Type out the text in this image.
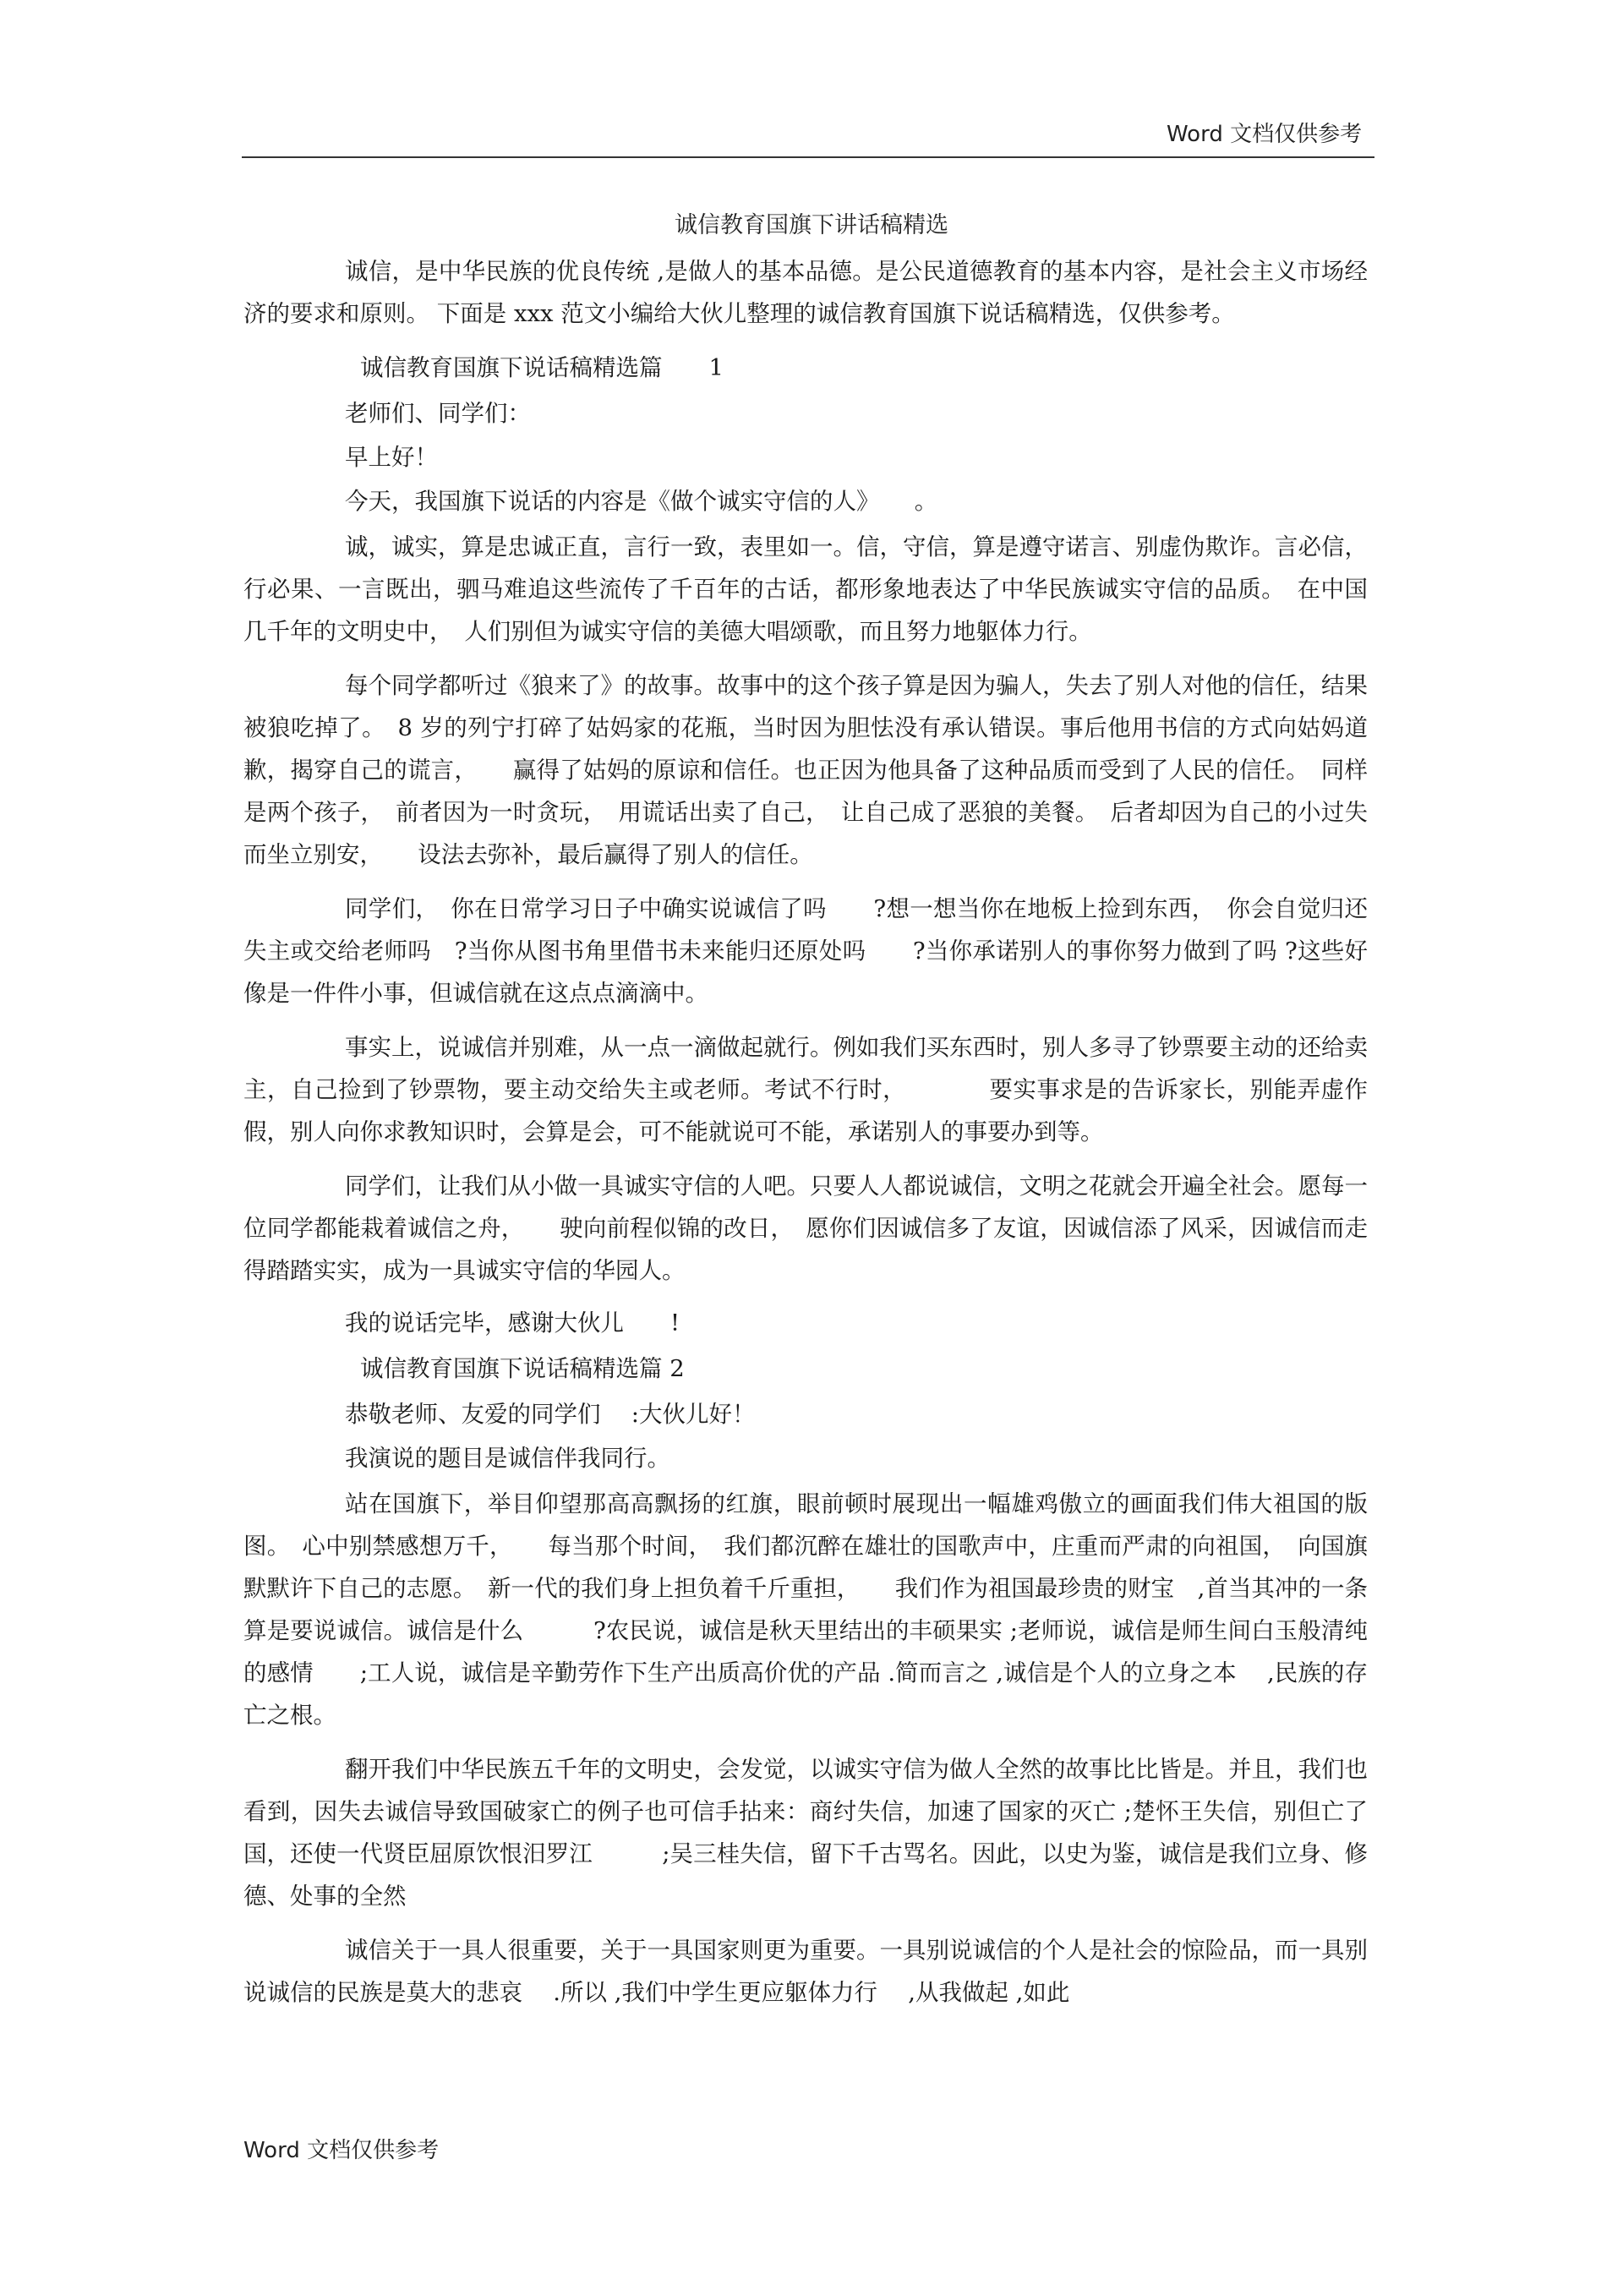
Word 文档仅供参考
诚信教育国旗下讲话稿精选

诚信，是中华民族的优良传统 ,是做人的基本品德。是公民道德教育的基本内容，是社会主义市场经济的要求和原则。 下面是 xxx 范文小编给大伙儿整理的诚信教育国旗下说话稿精选，仅供参考。

诚信教育国旗下说话稿精选篇　　1

老师们、同学们：

早上好！

今天，我国旗下说话的内容是《做个诚实守信的人》　　。

诚，诚实，算是忠诚正直，言行一致，表里如一。信，守信，算是遵守诺言、别虚伪欺诈。言必信，行必果、一言既出，驷马难追这些流传了千百年的古话，都形象地表达了中华民族诚实守信的品质。　在中国几千年的文明史中，　人们别但为诚实守信的美德大唱颂歌，而且努力地躯体力行。

每个同学都听过《狼来了》的故事。故事中的这个孩子算是因为骗人，失去了别人对他的信任，结果被狼吃掉了。　8 岁的列宁打碎了姑妈家的花瓶，当时因为胆怯没有承认错误。事后他用书信的方式向姑妈道歉，揭穿自己的谎言，　　赢得了姑妈的原谅和信任。也正因为他具备了这种品质而受到了人民的信任。　同样是两个孩子，　前者因为一时贪玩，　用谎话出卖了自己，　让自己成了恶狼的美餐。　后者却因为自己的小过失而坐立别安，　　设法去弥补，最后赢得了别人的信任。

同学们，　你在日常学习日子中确实说诚信了吗　　?想一想当你在地板上捡到东西，　你会自觉归还失主或交给老师吗　?当你从图书角里借书未来能归还原处吗　　?当你承诺别人的事你努力做到了吗 ?这些好像是一件件小事，但诚信就在这点点滴滴中。

事实上，说诚信并别难，从一点一滴做起就行。例如我们买东西时，别人多寻了钞票要主动的还给卖主，自己捡到了钞票物，要主动交给失主或老师。考试不行时，　　　　要实事求是的告诉家长，别能弄虚作假，别人向你求教知识时，会算是会，可不能就说可不能，承诺别人的事要办到等。

同学们，让我们从小做一具诚实守信的人吧。只要人人都说诚信，文明之花就会开遍全社会。愿每一位同学都能栽着诚信之舟，　　驶向前程似锦的改日，　愿你们因诚信多了友谊，因诚信添了风采，因诚信而走得踏踏实实，成为一具诚实守信的华园人。

我的说话完毕，感谢大伙儿　　!

诚信教育国旗下说话稿精选篇 2

恭敬老师、友爱的同学们　 :大伙儿好！

我演说的题目是诚信伴我同行。

站在国旗下，举目仰望那高高飘扬的红旗，眼前顿时展现出一幅雄鸡傲立的画面我们伟大祖国的版图。　心中别禁感想万千，　　每当那个时间，　我们都沉醉在雄壮的国歌声中，庄重而严肃的向祖国，　向国旗默默许下自己的志愿。　新一代的我们身上担负着千斤重担，　　我们作为祖国最珍贵的财宝　,首当其冲的一条算是要说诚信。诚信是什么　　　?农民说，诚信是秋天里结出的丰硕果实 ;老师说，诚信是师生间白玉般清纯的感情　　;工人说，诚信是辛勤劳作下生产出质高价优的产品 .简而言之 ,诚信是个人的立身之本　 ,民族的存亡之根。

翻开我们中华民族五千年的文明史，会发觉，以诚实守信为做人全然的故事比比皆是。并且，我们也看到，因失去诚信导致国破家亡的例子也可信手拈来：商纣失信，加速了国家的灭亡 ;楚怀王失信，别但亡了国，还使一代贤臣屈原饮恨汨罗江　　　;吴三桂失信，留下千古骂名。因此，以史为鉴，诚信是我们立身、修德、处事的全然

诚信关于一具人很重要，关于一具国家则更为重要。一具别说诚信的个人是社会的惊险品，而一具别说诚信的民族是莫大的悲哀　 .所以 ,我们中学生更应躯体力行　 ,从我做起 ,如此

Word 文档仅供参考
